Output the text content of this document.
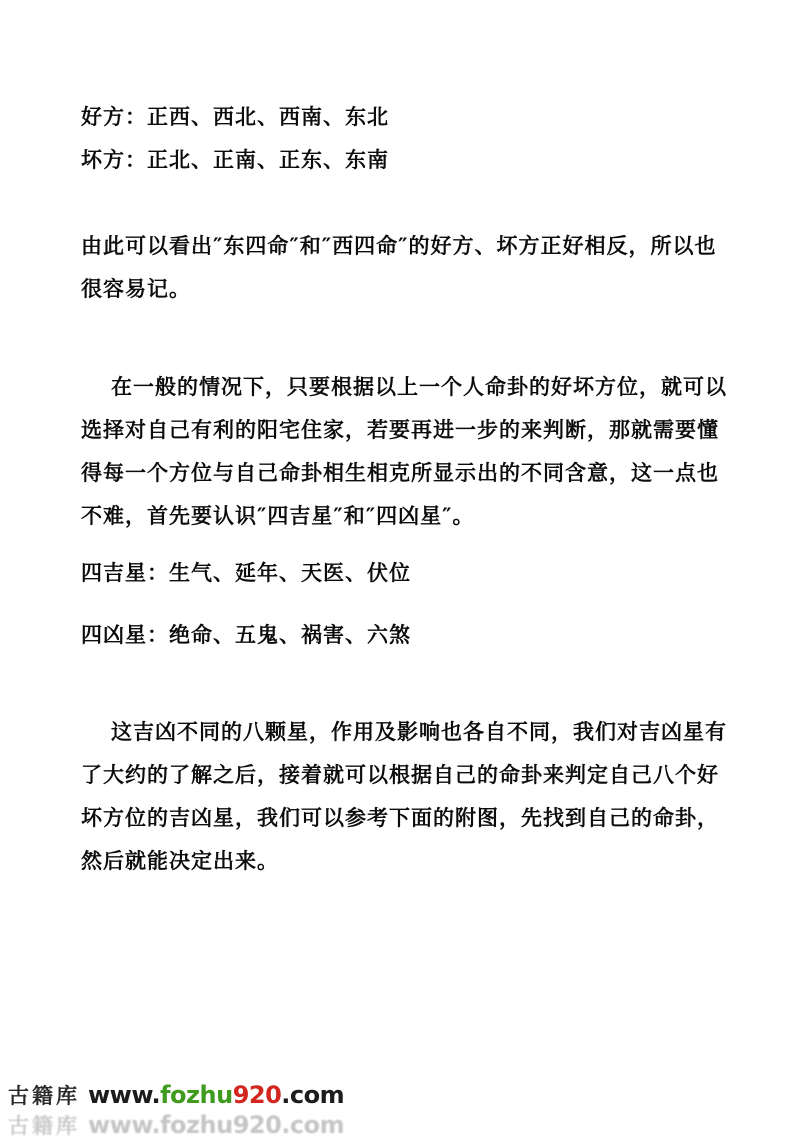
好方：正西、西北、西南、东北
坏方：正北、正南、正东、东南
由此可以看出″东四命″和″西四命″的好方、坏方正好相反，所以也
很容易记。
在一般的情况下，只要根据以上一个人命卦的好坏方位，就可以
选择对自己有利的阳宅住家，若要再进一步的来判断，那就需要懂
得每一个方位与自己命卦相生相克所显示出的不同含意，这一点也
不难，首先要认识″四吉星″和″四凶星″。
四吉星：生气、延年、天医、伏位
四凶星：绝命、五鬼、祸害、六煞
这吉凶不同的八颗星，作用及影响也各自不同，我们对吉凶星有
了大约的了解之后，接着就可以根据自己的命卦来判定自己八个好
坏方位的吉凶星，我们可以参考下面的附图，先找到自己的命卦，
然后就能决定出来。
古籍库 www.fozhu920.com
古籍库 www.fozhu920.com
